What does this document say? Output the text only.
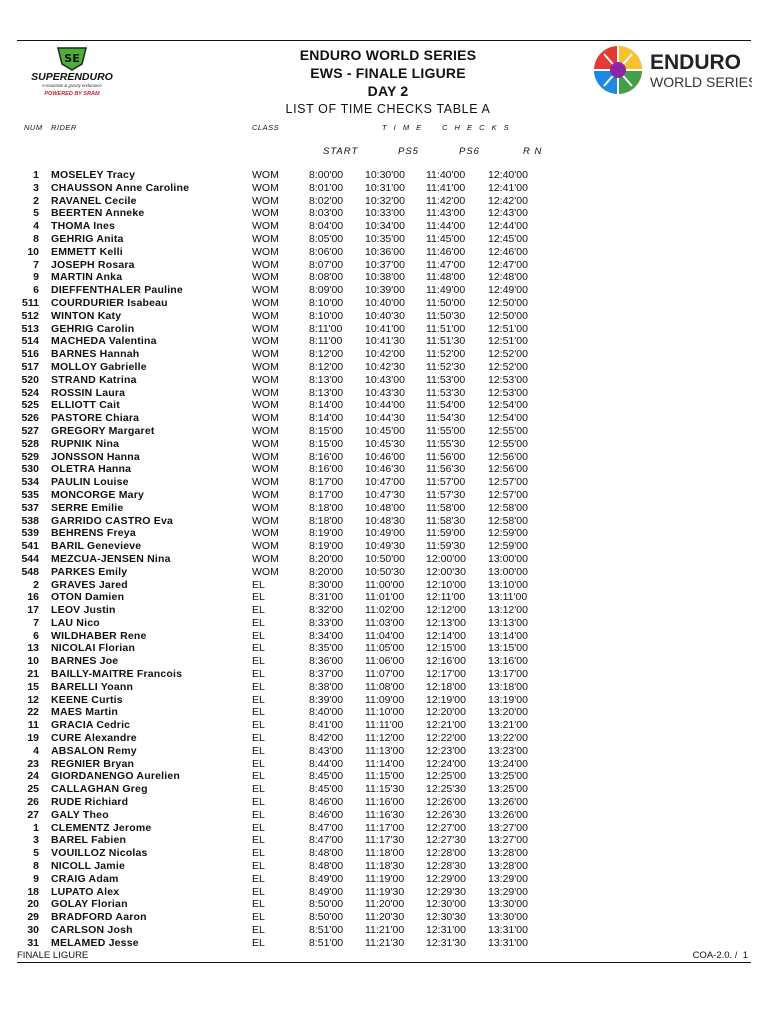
SE
SUPERENDURO
e-mountain & gravity endurance
POWERED BY SRAM
ENDURO WORLD SERIES
EWS - FINALE LIGURE
DAY 2
LIST OF TIME CHECKS TABLE A
ENDURO
WORLD SERIES
NUM RIDER	CLASS	T I M E    C H E C K S
START	PS5	PS6	R N
1 MOSELEY Tracy	WOM	8:00'00 10:30'00 11:40'00 12:40'00
3 CHAUSSON Anne Caroline	WOM	8:01'00 10:31'00 11:41'00 12:41'00
2 RAVANEL Cecile	WOM	8:02'00 10:32'00 11:42'00 12:42'00
5 BEERTEN Anneke	WOM	8:03'00 10:33'00 11:43'00 12:43'00
4 THOMA Ines	WOM	8:04'00 10:34'00 11:44'00 12:44'00
8 GEHRIG Anita	WOM	8:05'00 10:35'00 11:45'00 12:45'00
10 EMMETT Kelli	WOM	8:06'00 10:36'00 11:46'00 12:46'00
7 JOSEPH Rosara	WOM	8:07'00 10:37'00 11:47'00 12:47'00
9 MARTIN Anka	WOM	8:08'00 10:38'00 11:48'00 12:48'00
6 DIEFFENTHALER Pauline	WOM	8:09'00 10:39'00 11:49'00 12:49'00
511 COURDURIER Isabeau	WOM	8:10'00 10:40'00 11:50'00 12:50'00
512 WINTON Katy	WOM	8:10'00 10:40'30 11:50'30 12:50'00
513 GEHRIG Carolin	WOM	8:11'00 10:41'00 11:51'00 12:51'00
514 MACHEDA Valentina	WOM	8:11'00 10:41'30 11:51'30 12:51'00
516 BARNES Hannah	WOM	8:12'00 10:42'00 11:52'00 12:52'00
517 MOLLOY Gabrielle	WOM	8:12'00 10:42'30 11:52'30 12:52'00
520 STRAND Katrina	WOM	8:13'00 10:43'00 11:53'00 12:53'00
524 ROSSIN Laura	WOM	8:13'00 10:43'30 11:53'30 12:53'00
525 ELLIOTT Cait	WOM	8:14'00 10:44'00 11:54'00 12:54'00
526 PASTORE Chiara	WOM	8:14'00 10:44'30 11:54'30 12:54'00
527 GREGORY Margaret	WOM	8:15'00 10:45'00 11:55'00 12:55'00
528 RUPNIK Nina	WOM	8:15'00 10:45'30 11:55'30 12:55'00
529 JONSSON Hanna	WOM	8:16'00 10:46'00 11:56'00 12:56'00
530 OLETRA Hanna	WOM	8:16'00 10:46'30 11:56'30 12:56'00
534 PAULIN Louise	WOM	8:17'00 10:47'00 11:57'00 12:57'00
535 MONCORGE Mary	WOM	8:17'00 10:47'30 11:57'30 12:57'00
537 SERRE Emilie	WOM	8:18'00 10:48'00 11:58'00 12:58'00
538 GARRIDO CASTRO Eva	WOM	8:18'00 10:48'30 11:58'30 12:58'00
539 BEHRENS Freya	WOM	8:19'00 10:49'00 11:59'00 12:59'00
541 BARIL Genevieve	WOM	8:19'00 10:49'30 11:59'30 12:59'00
544 MEZCUA-JENSEN Nina	WOM	8:20'00 10:50'00 12:00'00 13:00'00
548 PARKES Emily	WOM	8:20'00 10:50'30 12:00'30 13:00'00
2 GRAVES Jared	EL	8:30'00 11:00'00 12:10'00 13:10'00
16 OTON Damien	EL	8:31'00 11:01'00 12:11'00 13:11'00
17 LEOV Justin	EL	8:32'00 11:02'00 12:12'00 13:12'00
7 LAU Nico	EL	8:33'00 11:03'00 12:13'00 13:13'00
6 WILDHABER Rene	EL	8:34'00 11:04'00 12:14'00 13:14'00
13 NICOLAI Florian	EL	8:35'00 11:05'00 12:15'00 13:15'00
10 BARNES Joe	EL	8:36'00 11:06'00 12:16'00 13:16'00
21 BAILLY-MAITRE Francois	EL	8:37'00 11:07'00 12:17'00 13:17'00
15 BARELLI Yoann	EL	8:38'00 11:08'00 12:18'00 13:18'00
12 KEENE Curtis	EL	8:39'00 11:09'00 12:19'00 13:19'00
22 MAES Martin	EL	8:40'00 11:10'00 12:20'00 13:20'00
11 GRACIA Cedric	EL	8:41'00 11:11'00 12:21'00 13:21'00
19 CURE Alexandre	EL	8:42'00 11:12'00 12:22'00 13:22'00
4 ABSALON Remy	EL	8:43'00 11:13'00 12:23'00 13:23'00
23 REGNIER Bryan	EL	8:44'00 11:14'00 12:24'00 13:24'00
24 GIORDANENGO Aurelien	EL	8:45'00 11:15'00 12:25'00 13:25'00
25 CALLAGHAN Greg	EL	8:45'00 11:15'30 12:25'30 13:25'00
26 RUDE Richiard	EL	8:46'00 11:16'00 12:26'00 13:26'00
27 GALY Theo	EL	8:46'00 11:16'30 12:26'30 13:26'00
1 CLEMENTZ Jerome	EL	8:47'00 11:17'00 12:27'00 13:27'00
3 BAREL Fabien	EL	8:47'00 11:17'30 12:27'30 13:27'00
5 VOUILLOZ Nicolas	EL	8:48'00 11:18'00 12:28'00 13:28'00
8 NICOLL Jamie	EL	8:48'00 11:18'30 12:28'30 13:28'00
9 CRAIG Adam	EL	8:49'00 11:19'00 12:29'00 13:29'00
18 LUPATO Alex	EL	8:49'00 11:19'30 12:29'30 13:29'00
20 GOLAY Florian	EL	8:50'00 11:20'00 12:30'00 13:30'00
29 BRADFORD Aaron	EL	8:50'00 11:20'30 12:30'30 13:30'00
30 CARLSON Josh	EL	8:51'00 11:21'00 12:31'00 13:31'00
31 MELAMED Jesse	EL	8:51'00 11:21'30 12:31'30 13:31'00
FINALE LIGURE	COA-2.0. /  1
